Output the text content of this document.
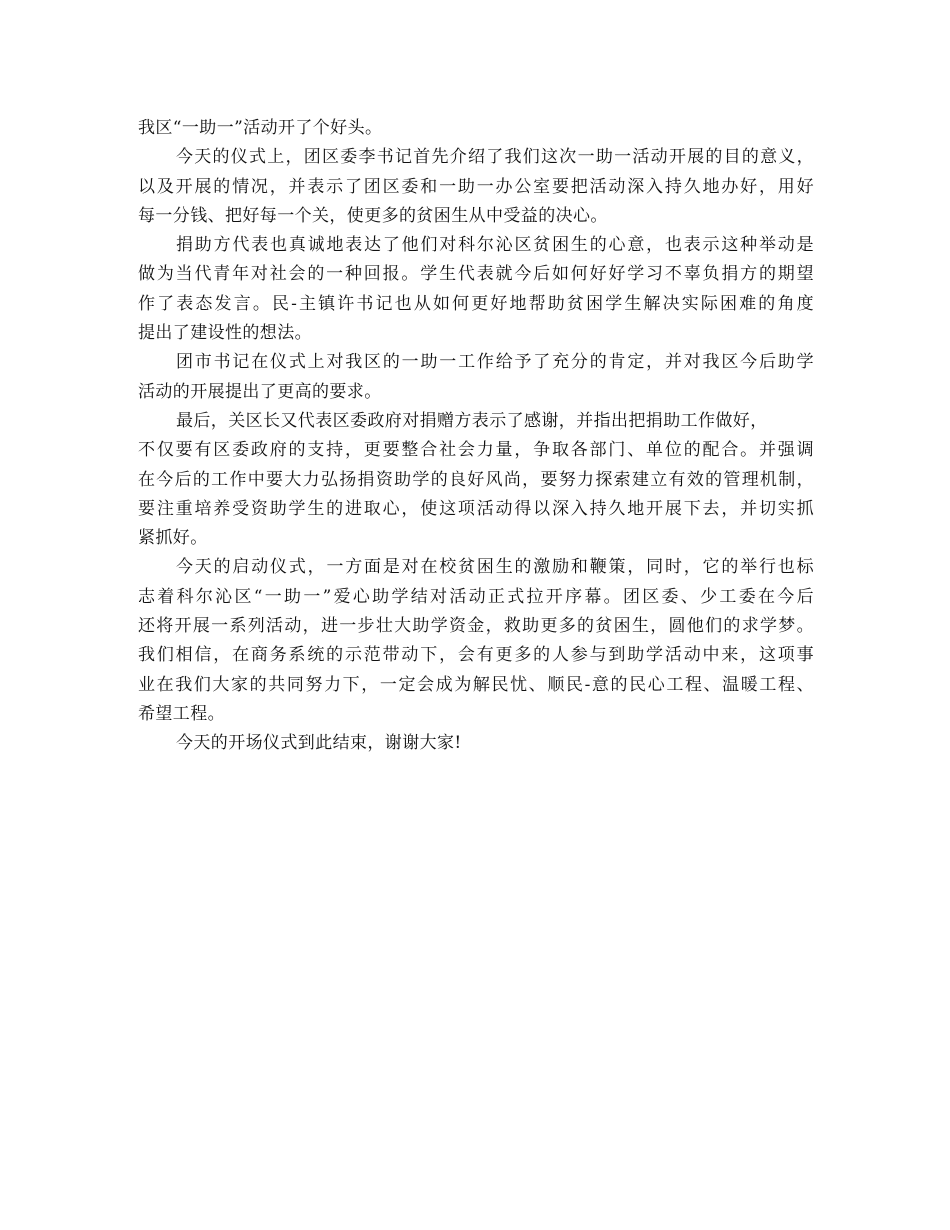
我区“一助一”活动开了个好头。
今天的仪式上，团区委李书记首先介绍了我们这次一助一活动开展的目的意义，
以及开展的情况，并表示了团区委和一助一办公室要把活动深入持久地办好，用好
每一分钱、把好每一个关，使更多的贫困生从中受益的决心。
捐助方代表也真诚地表达了他们对科尔沁区贫困生的心意，也表示这种举动是
做为当代青年对社会的一种回报。学生代表就今后如何好好学习不辜负捐方的期望
作了表态发言。民-主镇许书记也从如何更好地帮助贫困学生解决实际困难的角度
提出了建设性的想法。
团市书记在仪式上对我区的一助一工作给予了充分的肯定，并对我区今后助学
活动的开展提出了更高的要求。
最后，关区长又代表区委政府对捐赠方表示了感谢，并指出把捐助工作做好，
不仅要有区委政府的支持，更要整合社会力量，争取各部门、单位的配合。并强调
在今后的工作中要大力弘扬捐资助学的良好风尚，要努力探索建立有效的管理机制，
要注重培养受资助学生的进取心，使这项活动得以深入持久地开展下去，并切实抓
紧抓好。
今天的启动仪式，一方面是对在校贫困生的激励和鞭策，同时，它的举行也标
志着科尔沁区“一助一”爱心助学结对活动正式拉开序幕。团区委、少工委在今后
还将开展一系列活动，进一步壮大助学资金，救助更多的贫困生，圆他们的求学梦。
我们相信，在商务系统的示范带动下，会有更多的人参与到助学活动中来，这项事
业在我们大家的共同努力下，一定会成为解民忧、顺民-意的民心工程、温暖工程、
希望工程。
今天的开场仪式到此结束，谢谢大家!
